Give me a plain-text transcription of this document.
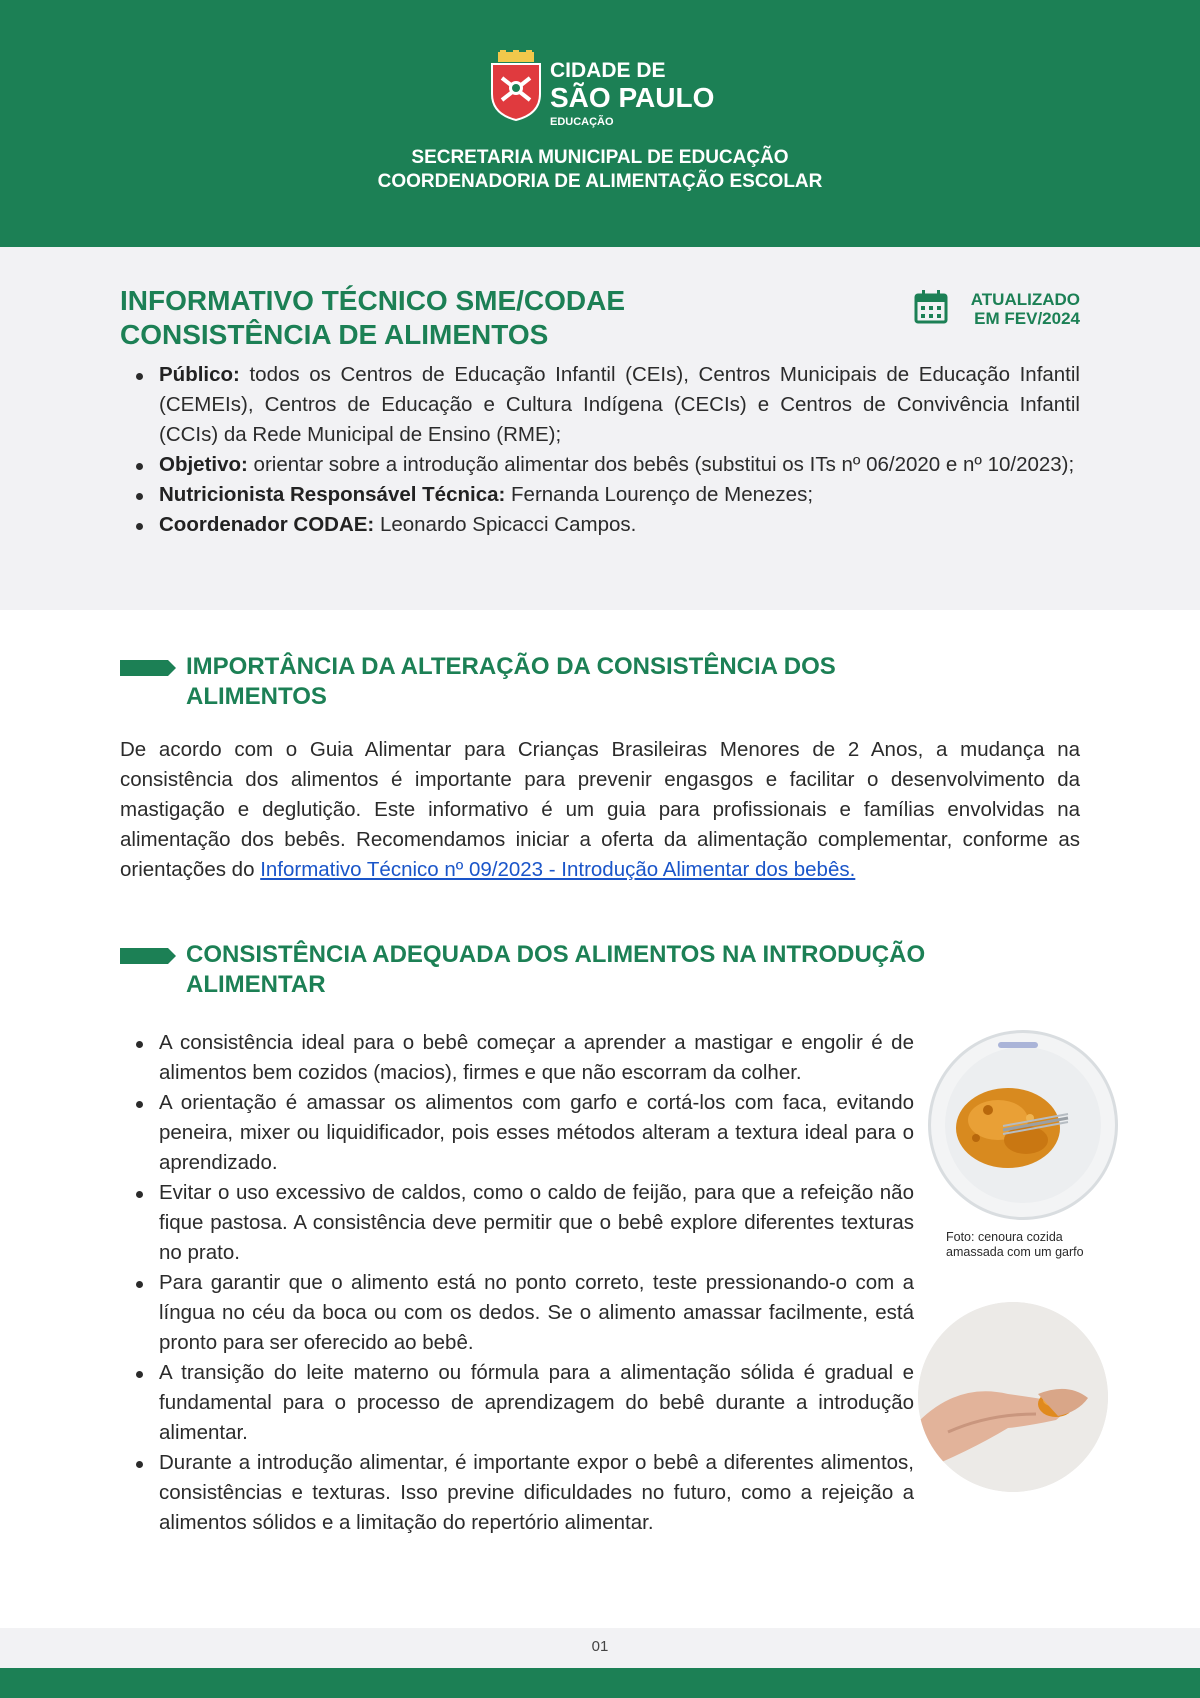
CIDADE DE
SÃO PAULO
EDUCAÇÃO
SECRETARIA MUNICIPAL DE EDUCAÇÃO
COORDENADORIA DE ALIMENTAÇÃO ESCOLAR
INFORMATIVO TÉCNICO SME/CODAE
CONSISTÊNCIA DE ALIMENTOS
ATUALIZADO
EM FEV/2024
Público: todos os Centros de Educação Infantil (CEIs), Centros Municipais de Educação Infantil (CEMEIs), Centros de Educação e Cultura Indígena (CECIs) e Centros de Convivência Infantil (CCIs) da Rede Municipal de Ensino (RME);
Objetivo: orientar sobre a introdução alimentar dos bebês (substitui os ITs nº 06/2020 e nº 10/2023);
Nutricionista Responsável Técnica: Fernanda Lourenço de Menezes;
Coordenador CODAE: Leonardo Spicacci Campos.
IMPORTÂNCIA DA ALTERAÇÃO DA CONSISTÊNCIA DOS
ALIMENTOS
De acordo com o Guia Alimentar para Crianças Brasileiras Menores de 2 Anos, a mudança na consistência dos alimentos é importante para prevenir engasgos e facilitar o desenvolvimento da mastigação e deglutição. Este informativo é um guia para profissionais e famílias envolvidas na alimentação dos bebês. Recomendamos iniciar a oferta da alimentação complementar, conforme as orientações do Informativo Técnico nº 09/2023 - Introdução Alimentar dos bebês.
CONSISTÊNCIA ADEQUADA DOS ALIMENTOS NA INTRODUÇÃO
ALIMENTAR
A consistência ideal para o bebê começar a aprender a mastigar e engolir é de alimentos bem cozidos (macios), firmes e que não escorram da colher.
A orientação é amassar os alimentos com garfo e cortá-los com faca, evitando peneira, mixer ou liquidificador, pois esses métodos alteram a textura ideal para o aprendizado.
Evitar o uso excessivo de caldos, como o caldo de feijão, para que a refeição não fique pastosa. A consistência deve permitir que o bebê explore diferentes texturas no prato.
Para garantir que o alimento está no ponto correto, teste pressionando-o com a língua no céu da boca ou com os dedos. Se o alimento amassar facilmente, está pronto para ser oferecido ao bebê.
A transição do leite materno ou fórmula para a alimentação sólida é gradual e fundamental para o processo de aprendizagem do bebê durante a introdução alimentar.
Durante a introdução alimentar, é importante expor o bebê a diferentes alimentos, consistências e texturas. Isso previne dificuldades no futuro, como a rejeição a alimentos sólidos e a limitação do repertório alimentar.
Foto: cenoura cozida amassada com um garfo
01
